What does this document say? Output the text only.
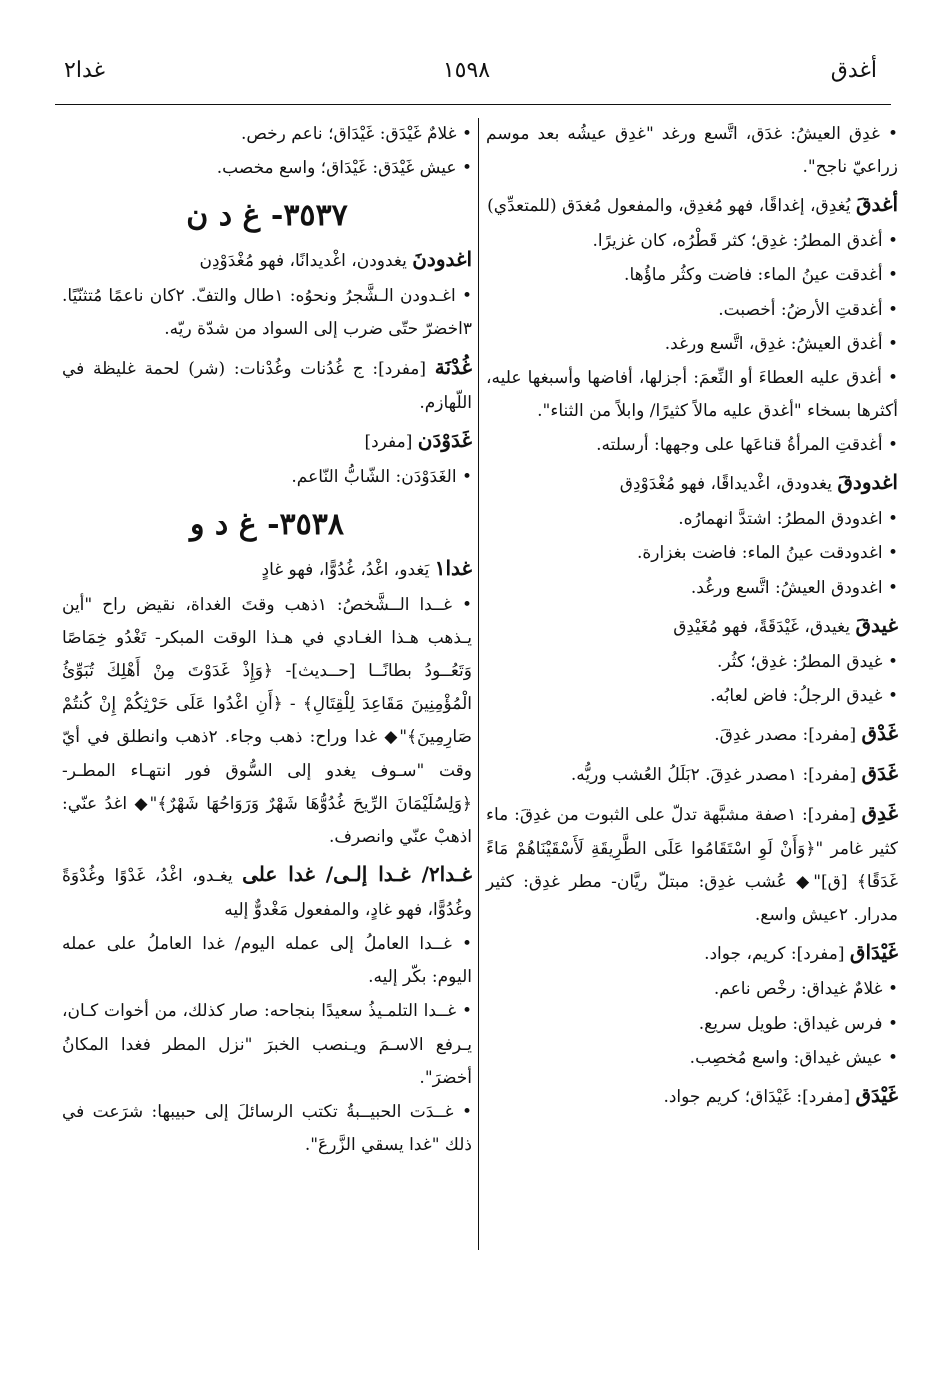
غدا٢	١٥٩٨	أغدق

• غدِق العيشُ: غدَق، اتَّسع ورغد "غدِق عيشُه بعد موسم زراعيّ ناجح".

أغدقَ يُغدِق، إغداقًا، فهو مُغدِق، والمفعول مُغدَق (للمتعدِّي)

• أغدق المطرُ: غدِق؛ كثر قَطْرُه، كان غزيرًا.

• أغدقت عينُ الماء: فاضت وكثُر ماؤُها.

• أغدقتِ الأرضُ: أخصبت.

• أغدق العيشُ: غدِق، اتَّسع ورغد.

• أغدق عليه العطاءَ أو النِّعمَ: أجزلها، أفاضها وأسبغها عليه، أكثرها بسخاء "أغدق عليه مالاً كثيرًا/ وابلاً من الثناء".

• أغدقتِ المرأةُ قناعَها على وجهها: أرسلته.

اغدودقَ يغدودق، اغْديداقًا، فهو مُغْدَوْدِق

• اغدودق المطرُ: اشتدَّ انهمارُه.

• اغدودقت عينُ الماء: فاضت بغزارة.

• اغدودق العيشُ: اتَّسع ورغُد.

غيدقَ يغيدق، غَيْدَقَةً، فهو مُغَيْدِق

• غيدق المطرُ: غدِق؛ كثُر.

• غيدق الرجلُ: فاض لعابُه.

غَدْق [مفرد]: مصدر غدِقَ.

غَدَق [مفرد]: ١مصدر غدِقَ. ٢بَلَلُ العُشب وريُّه.

غَدِق [مفرد]: ١صفة مشبَّهة تدلّ على الثبوت من غدِقَ: ماء كثير غامر "﴿وَأَنْ لَوِ اسْتَقَامُوا عَلَى الطَّرِيقَةِ لَأَسْقَيْنَاهُمْ مَاءً غَدَقًا﴾ [ق]"◆ عُشب غدِق: مبتلّ ريَّان- مطر غدِق: كثير مدرار. ٢عيش واسع.

غَيْدَاق [مفرد]: كريم، جواد.

• غلامٌ غيداق: رخْص ناعم.

• فرس غيداق: طويل سريع.

• عيش غيداق: واسع مُخصِب.

غَيْدَق [مفرد]: غَيْدَاق؛ كريم جواد.

• غلامٌ غَيْدَق: غَيْدَاق؛ ناعم رخص.

• عيش غَيْدَق: غَيْدَاق؛ واسع مخصب.

٣٥٣٧- غ د ن

اغدودنَ يغدودن، اغْديدانًا، فهو مُغْدَوْدِن

• اغـدودن الـشَّجرُ ونحوُه: ١طال والتفّ. ٢كان ناعمًا مُتثنّيًا. ٣اخضرّ حتّى ضرب إلى السواد من شدّة ريّه.

غُدْنَة [مفرد]: ج غُدُنات وغُدْنات: (شر) لحمة غليظة في اللّهازم.

غَدَوْدَن [مفرد]

• الغَدَوْدَن: الشّابُّ النّاعم.

٣٥٣٨- غ د و

غدا١ يَغدو، اغْدُ، غُدُوًّا، فهو غادٍ

• غــدا الــشَّخصُ: ١ذهب وقتَ الغداة، نقيض راح "أين يـذهب هـذا الغـادي في هـذا الوقت المبكر- تَغْدُو خِمَاصًا وَتَعُــودُ بطانًــا [حــديث]- ﴿وَإِذْ غَدَوْتَ مِنْ أَهْلِكَ تُبَوِّئُ الْمُؤْمِنِينَ مَقَاعِدَ لِلْقِتَالِ﴾ - ﴿أَنِ اغْدُوا عَلَى حَرْثِكُمْ إِنْ كُنتُمْ صَارِمِينَ﴾"◆ غدا وراح: ذهب وجاء. ٢ذهب وانطلق في أيّ وقت "سـوف يغدو إلى السُّوق فور انتهـاء المطـر- ﴿وَلِسُلَيْمَانَ الرِّيحَ غُدُوُّهَا شَهْرٌ وَرَوَاحُهَا شَهْرٌ﴾"◆ اغدُ عنّي: اذهبْ عنّي وانصرف.

غـدا٢/ غـدا إلـى/ غدا على يغـدو، اغْدُ، غَدْوًا وغُدْوَةً وغُدُوًّا، فهو غادٍ، والمفعول مَغْدوٌّ إليه

• غــدا العاملُ إلى عمله اليوم/ غدا العاملُ على عمله اليوم: بكّر إليه.

• غــدا التلمـيذُ سعيدًا بنجاحه: صار كذلك، من أخوات كـان، يـرفع الاسـمَ ويـنصب الخبرَ "نزل المطر فغدا المكانُ أخضرَ".

• غــدَت الحبيــبةُ تكتب الرسائلَ إلى حبيبها: شرَعت في ذلك "غدا يسقي الزَّرعَ".
